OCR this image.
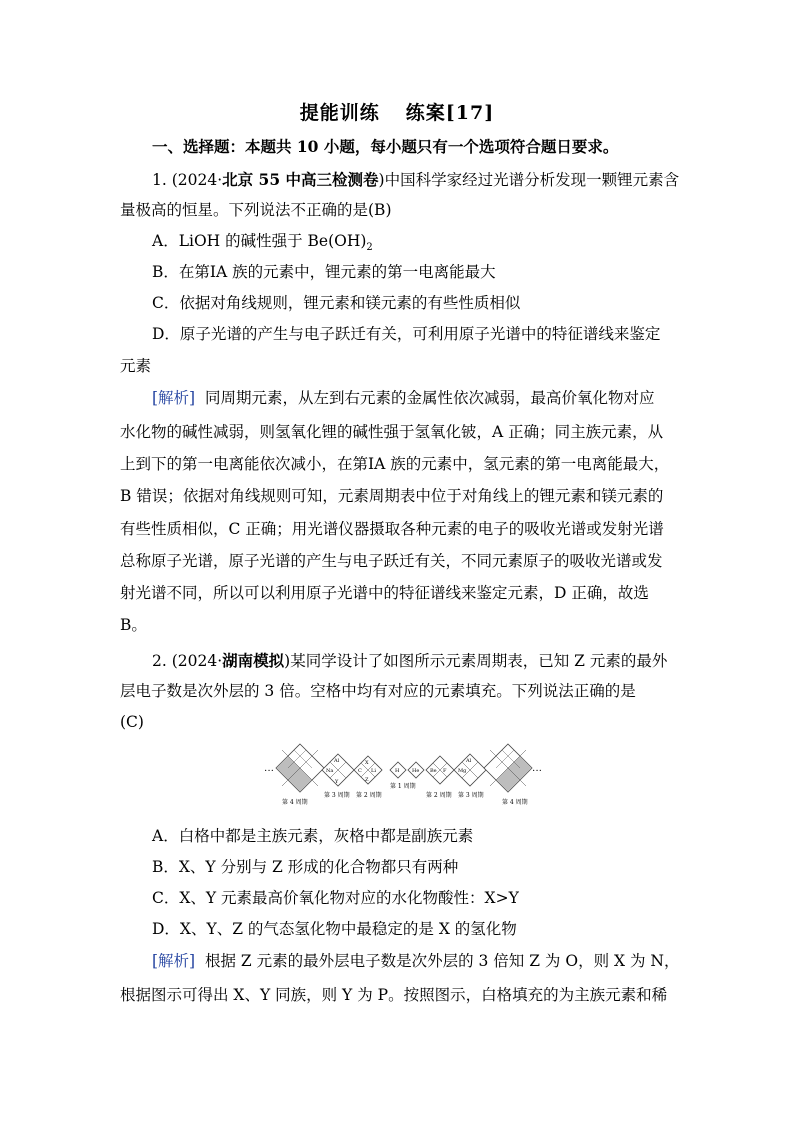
提能训练 练案[17]
一、选择题：本题共 10 小题，每小题只有一个选项符合题日要求。
1. (2024·北京 55 中高三检测卷)中国科学家经过光谱分析发现一颗锂元素含
量极高的恒星。下列说法不正确的是(B)
A．LiOH 的碱性强于 $Be(OH)_2$
B．在第ⅠA 族的元素中，锂元素的第一电离能最大
C．依据对角线规则，锂元素和镁元素的有些性质相似
D．原子光谱的产生与电子跃迁有关，可利用原子光谱中的特征谱线来鉴定
元素
[解析] 同周期元素，从左到右元素的金属性依次减弱，最高价氧化物对应
水化物的碱性减弱，则氢氧化锂的碱性强于氢氧化铍，A 正确；同主族元素，从
上到下的第一电离能依次减小，在第ⅠA 族的元素中，氢元素的第一电离能最大，
B 错误；依据对角线规则可知，元素周期表中位于对角线上的锂元素和镁元素的
有些性质相似，C 正确；用光谱仪器摄取各种元素的电子的吸收光谱或发射光谱
总称原子光谱，原子光谱的产生与电子跃迁有关，不同元素原子的吸收光谱或发
射光谱不同，所以可以利用原子光谱中的特征谱线来鉴定元素，D 正确，故选
B。
2. (2024·湖南模拟)某同学设计了如图所示元素周期表，已知 Z 元素的最外
层电子数是次外层的 3 倍。空格中均有对应的元素填充。下列说法正确的是
(C)
···	···
Al
Na
Y
X
C Li
Z
H	He Be F Mg
Al
第 4 周期
第 3 周期 第 2 周期
第 1 周期
第 2 周期 第 3 周期
第 4 周期
A．白格中都是主族元素，灰格中都是副族元素
B．X、Y 分别与 Z 形成的化合物都只有两种
C．X、Y 元素最高价氧化物对应的水化物酸性：X>Y
D．X、Y、Z 的气态氢化物中最稳定的是 X 的氢化物
[解析] 根据 Z 元素的最外层电子数是次外层的 3 倍知 Z 为 O，则 X 为 N，
根据图示可得出 X、Y 同族，则 Y 为 P。按照图示，白格填充的为主族元素和稀
